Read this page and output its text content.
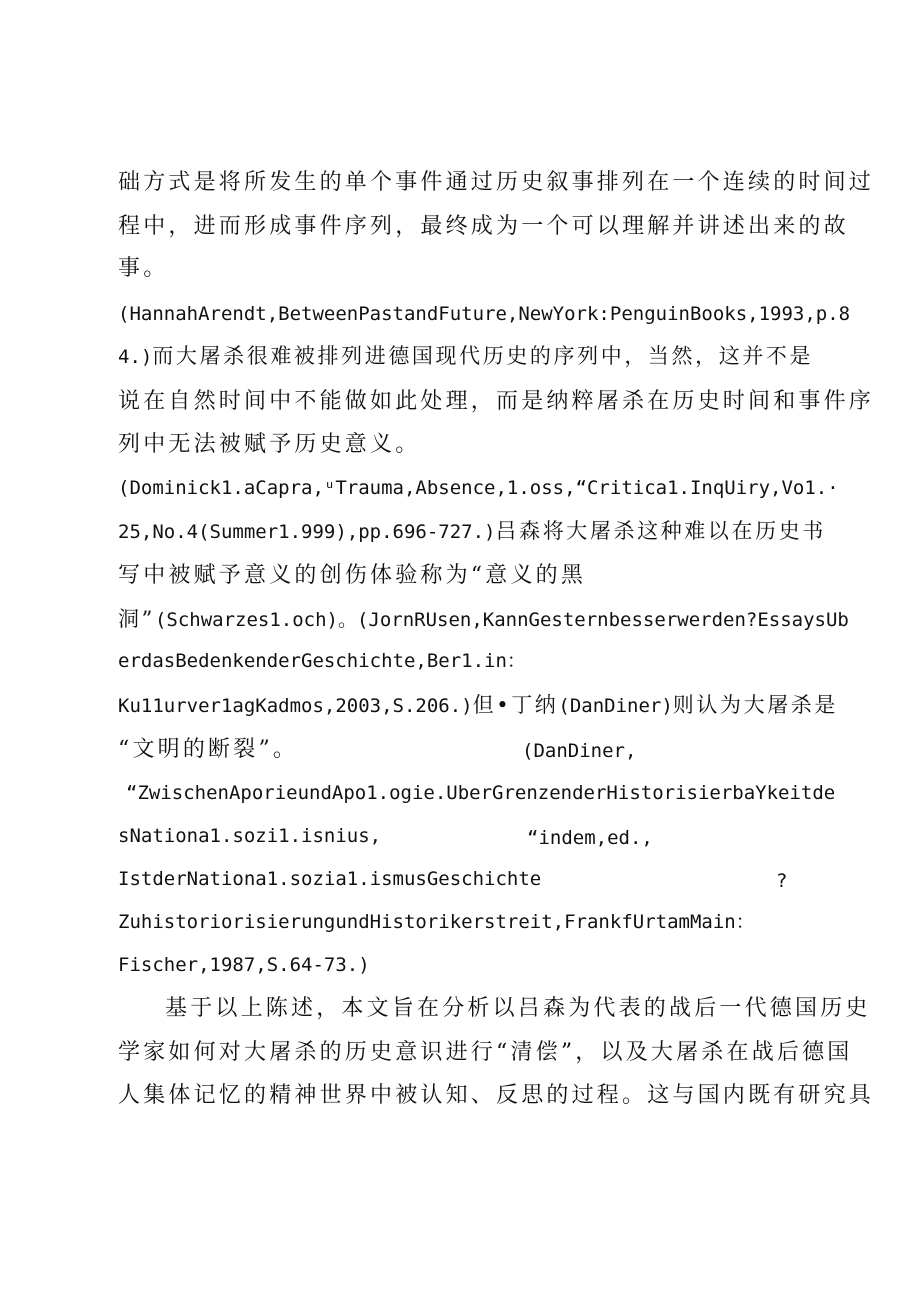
础方式是将所发生的单个事件通过历史叙事排列在一个连续的时间过
程中，进而形成事件序列，最终成为一个可以理解并讲述出来的故
事。
(HannahArendt,BetweenPastandFuture,NewYork:PenguinBooks,1993,p.8
4.)而大屠杀很难被排列进德国现代历史的序列中，当然，这并不是
说在自然时间中不能做如此处理，而是纳粹屠杀在历史时间和事件序
列中无法被赋予历史意义。
(Dominick1.aCapra,ᵘTrauma,Absence,1.oss,“Critica1.InqUiry,Vo1.·
25,No.4(Summer1.999),pp.696-727.)吕森将大屠杀这种难以在历史书
写中被赋予意义的创伤体验称为“意义的黑
洞”(Schwarzes1.och)。(JornRUsen,KannGesternbesserwerden?EssaysUb
erdasBedenkenderGeschichte,Ber1.in：
Ku11urver1agKadmos,2003,S.206.)但•丁纳(DanDiner)则认为大屠杀是
“文明的断裂”。	(DanDiner,
“ZwischenAporieundApo1.ogie.UberGrenzenderHistorisierbaYkeitde
sNationa1.sozi1.isnius,	“indem,ed.,
IstderNationa1.sozia1.ismusGeschichte	?
ZuhistoriorisierungundHistorikerstreit,FrankfUrtamMain：
Fischer,1987,S.64-73.)
基于以上陈述，本文旨在分析以吕森为代表的战后一代德国历史
学家如何对大屠杀的历史意识进行“清偿”，以及大屠杀在战后德国
人集体记忆的精神世界中被认知、反思的过程。这与国内既有研究具
